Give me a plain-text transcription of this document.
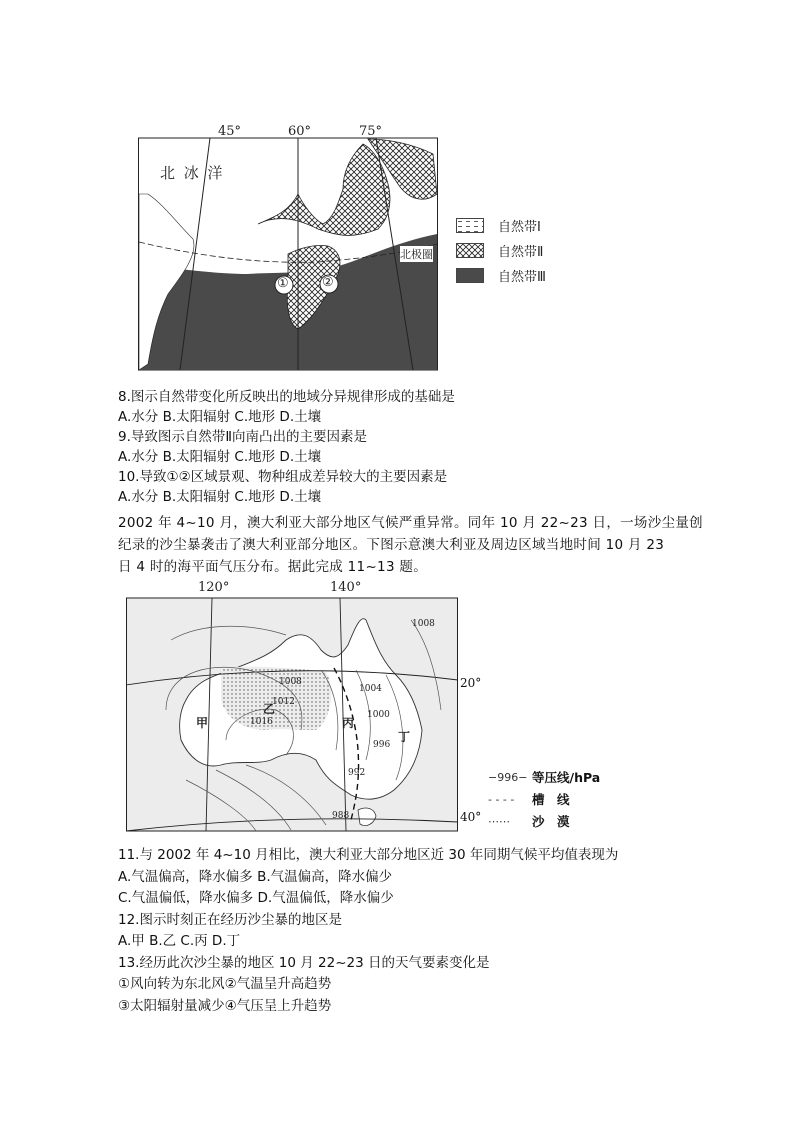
45°	60°	75°
北 冰 洋
北极圈
①	②
自然带Ⅰ
自然带Ⅱ
自然带Ⅲ
8.图示自然带变化所反映出的地域分异规律形成的基础是
A.水分 B.太阳辐射 C.地形 D.土壤
9.导致图示自然带Ⅱ向南凸出的主要因素是
A.水分 B.太阳辐射 C.地形 D.土壤
10.导致①②区域景观、物种组成差异较大的主要因素是
A.水分 B.太阳辐射 C.地形 D.土壤
2002 年 4~10 月，澳大利亚大部分地区气候严重异常。同年 10 月 22~23 日，一场沙尘量创
纪录的沙尘暴袭击了澳大利亚部分地区。下图示意澳大利亚及周边区域当地时间 10 月 23
日 4 时的海平面气压分布。据此完成 11~13 题。
120°	140°
1008
1008
1012
1016
1004
1000
996
992
988
甲
乙
丙
丁
20°
40°
−996− 等压线/hPa
- - - -	槽　线
⋯⋯	沙　漠
11.与 2002 年 4~10 月相比，澳大利亚大部分地区近 30 年同期气候平均值表现为
A.气温偏高，降水偏多 B.气温偏高，降水偏少
C.气温偏低，降水偏多 D.气温偏低，降水偏少
12.图示时刻正在经历沙尘暴的地区是
A.甲 B.乙 C.丙 D.丁
13.经历此次沙尘暴的地区 10 月 22~23 日的天气要素变化是
①风向转为东北风②气温呈升高趋势
③太阳辐射量减少④气压呈上升趋势
